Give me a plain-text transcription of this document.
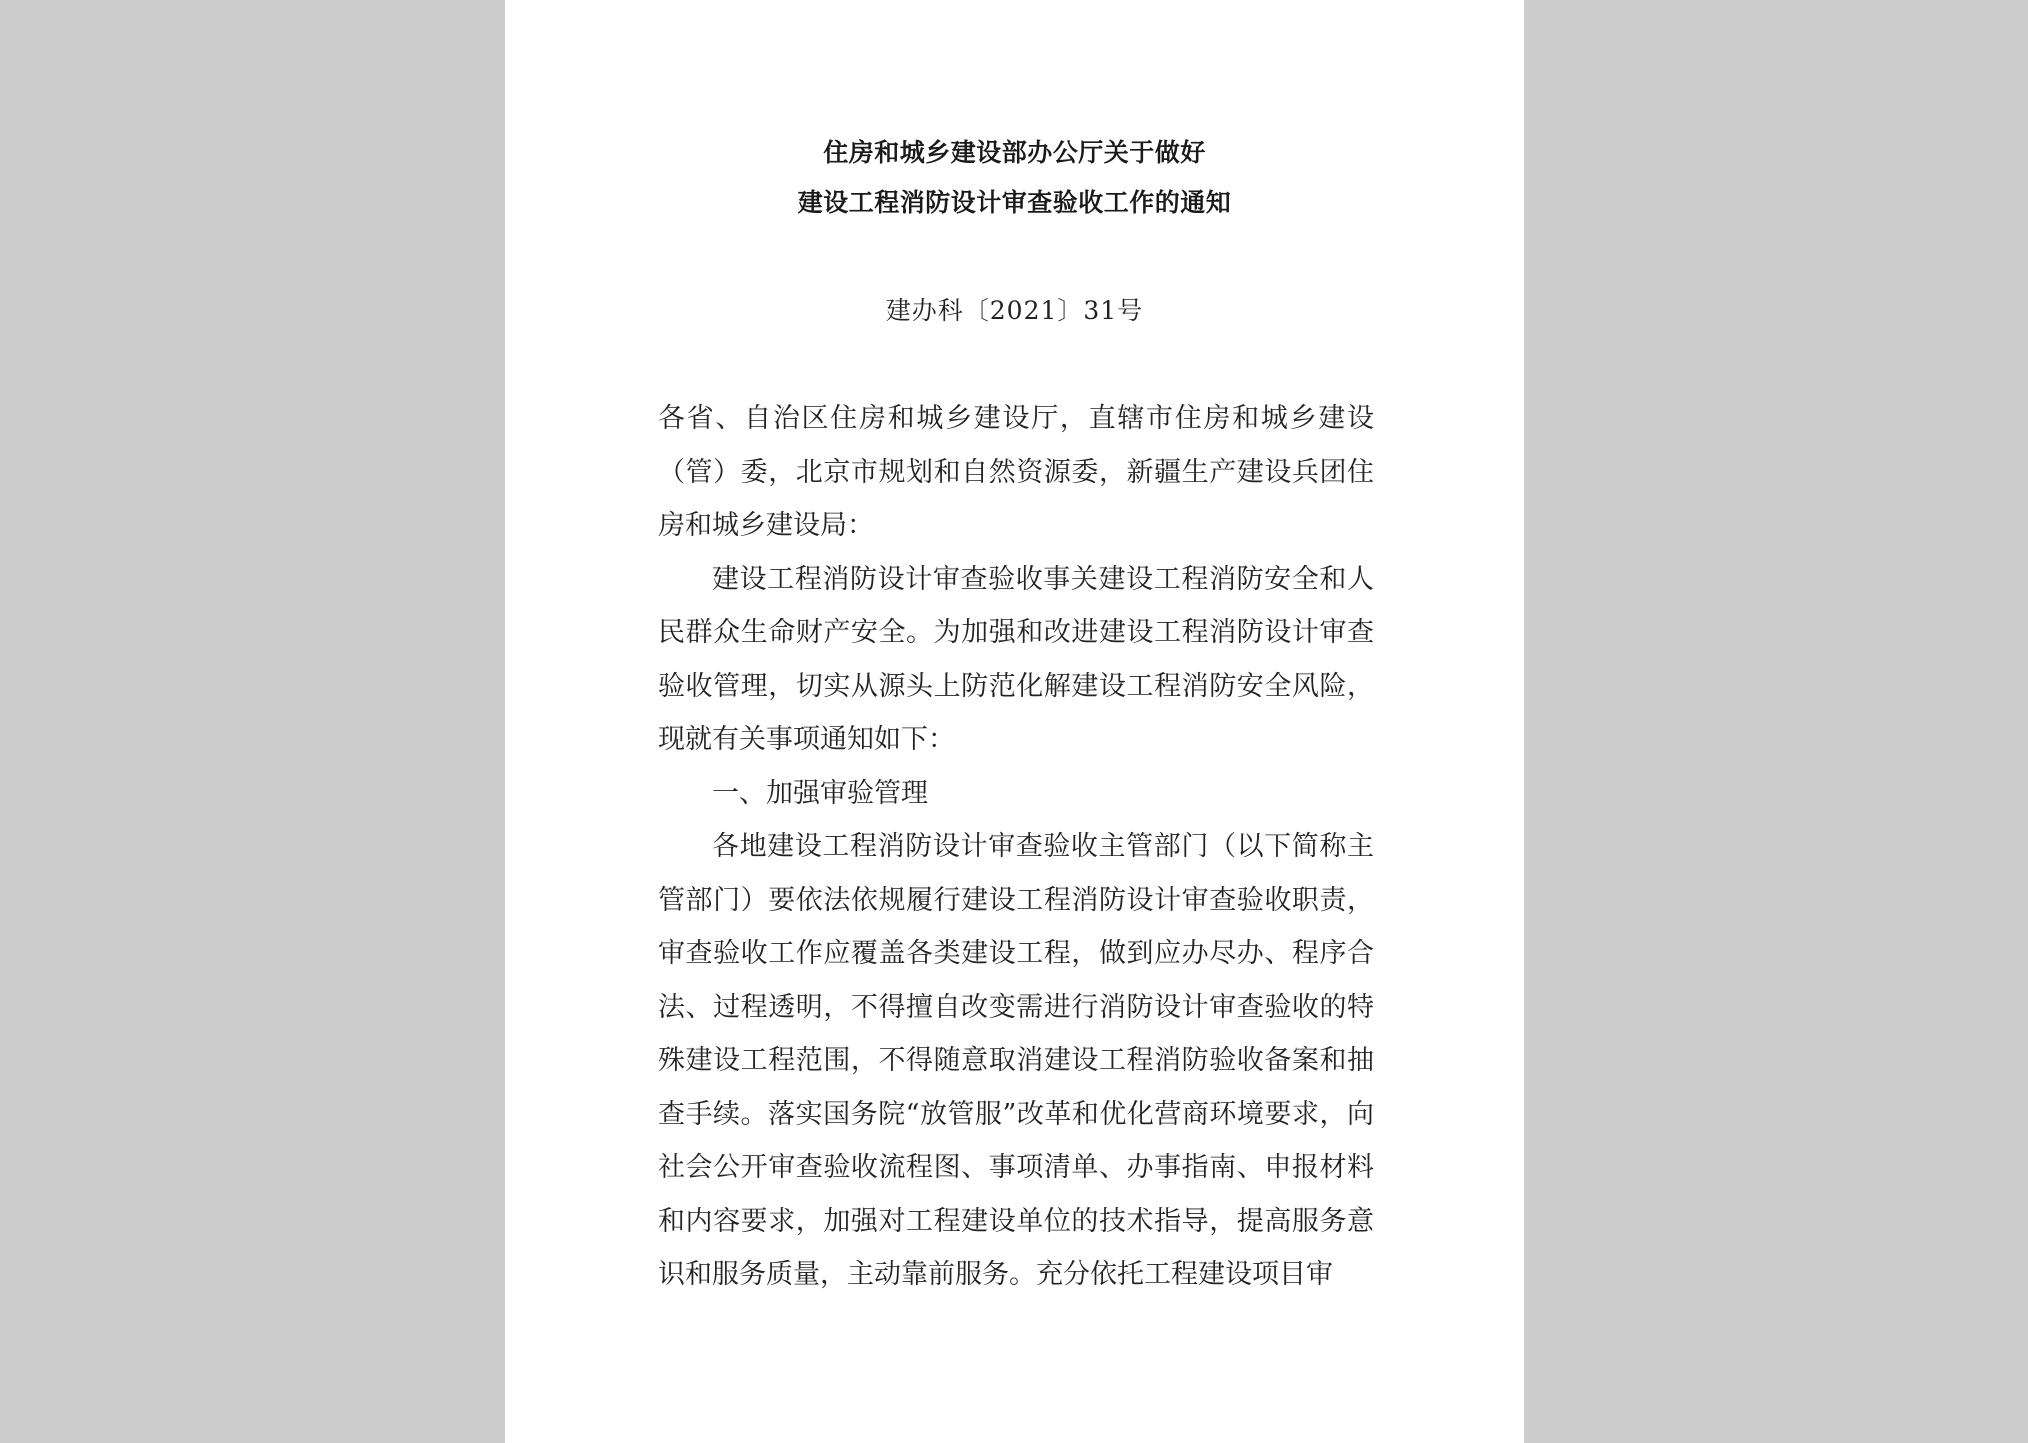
住房和城乡建设部办公厅关于做好
建设工程消防设计审查验收工作的通知
建办科〔2021〕31号

各省、自治区住房和城乡建设厅，直辖市住房和城乡建设（管）委，北京市规划和自然资源委，新疆生产建设兵团住房和城乡建设局：

建设工程消防设计审查验收事关建设工程消防安全和人民群众生命财产安全。为加强和改进建设工程消防设计审查验收管理，切实从源头上防范化解建设工程消防安全风险，现就有关事项通知如下：

一、加强审验管理

各地建设工程消防设计审查验收主管部门（以下简称主管部门）要依法依规履行建设工程消防设计审查验收职责，审查验收工作应覆盖各类建设工程，做到应办尽办、程序合法、过程透明，不得擅自改变需进行消防设计审查验收的特殊建设工程范围，不得随意取消建设工程消防验收备案和抽查手续。落实国务院“放管服”改革和优化营商环境要求，向社会公开审查验收流程图、事项清单、办事指南、申报材料和内容要求，加强对工程建设单位的技术指导，提高服务意识和服务质量，主动靠前服务。充分依托工程建设项目审
